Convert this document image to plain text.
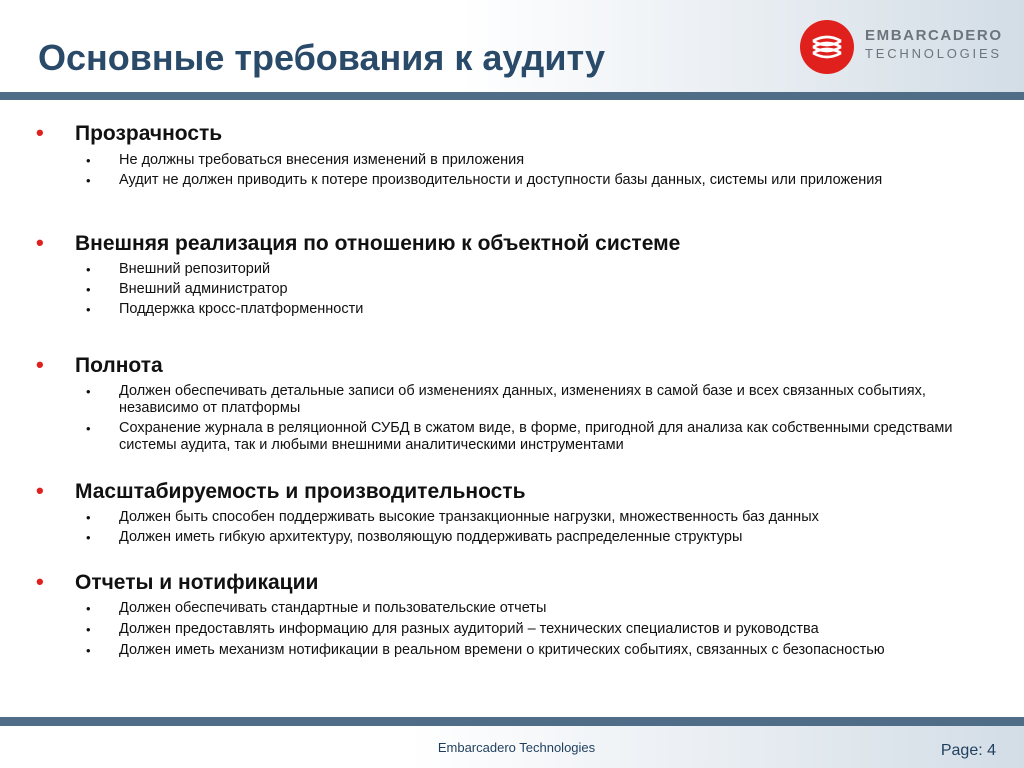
Основные требования к аудиту
EMBARCADERO
TECHNOLOGIES
• Прозрачность
• Не должны требоваться внесения изменений в приложения
• Аудит не должен приводить к потере производительности и доступности базы данных, системы или приложения
• Внешняя реализация по отношению к объектной системе
• Внешний репозиторий
• Внешний администратор
• Поддержка кросс-платформенности
• Полнота
• Должен обеспечивать детальные записи об изменениях данных, изменениях в самой базе и всех связанных событиях, независимо от платформы
• Сохранение журнала в реляционной СУБД в сжатом виде, в форме, пригодной для анализа как собственными средствами системы аудита, так и любыми внешними аналитическими инструментами
• Масштабируемость и производительность
• Должен быть способен поддерживать высокие транзакционные нагрузки, множественность баз данных
• Должен иметь гибкую архитектуру, позволяющую поддерживать распределенные структуры
• Отчеты и нотификации
• Должен обеспечивать стандартные и пользовательские отчеты
• Должен предоставлять информацию для разных аудиторий – технических специалистов и руководства
• Должен иметь механизм нотификации в реальном времени о критических событиях, связанных с безопасностью
Embarcadero Technologies	Page: 4
